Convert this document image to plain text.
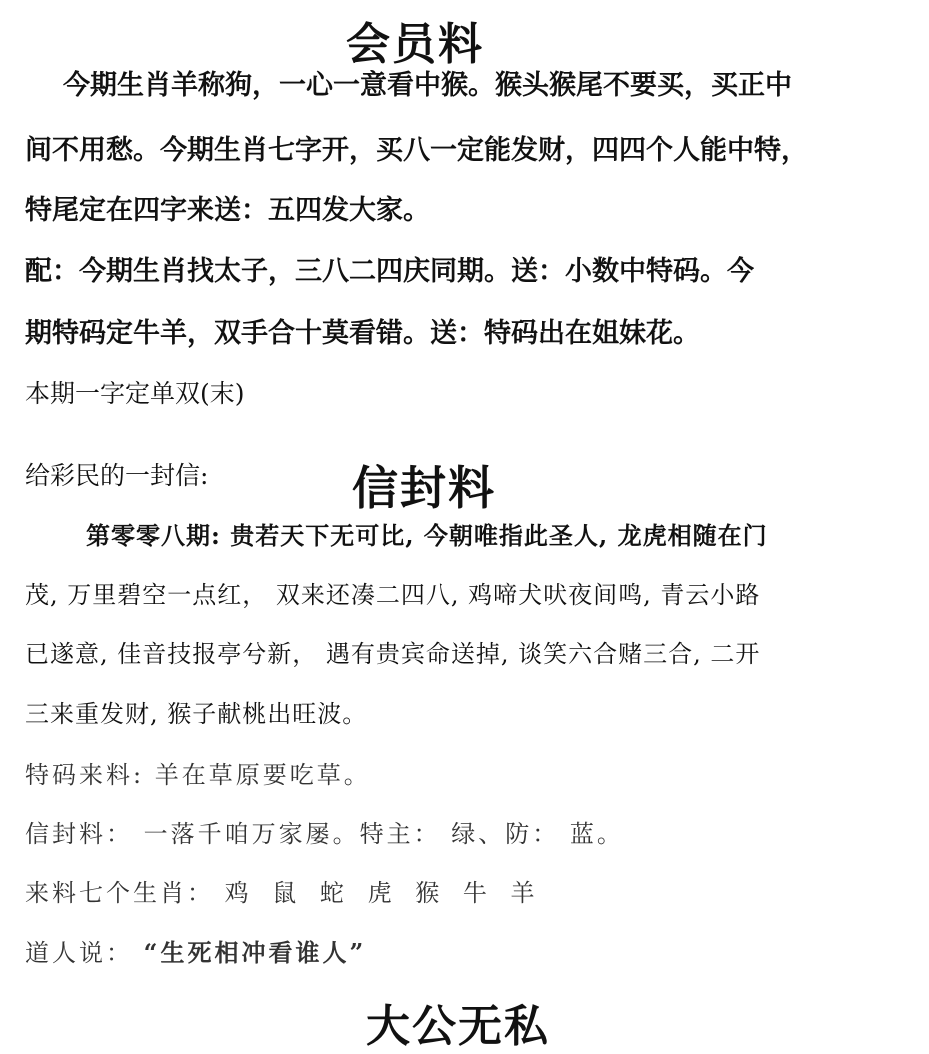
会员料
今期生肖羊称狗，一心一意看中猴。猴头猴尾不要买，买正中
间不用愁。今期生肖七字开，买八一定能发财，四四个人能中特，
特尾定在四字来送：五四发大家。
配：今期生肖找太子，三八二四庆同期。送：小数中特码。今
期特码定牛羊，双手合十莫看错。送：特码出在姐妹花。
本期一字定单双(末)
给彩民的一封信:	信封料
第零零八期: 贵若天下无可比, 今朝唯指此圣人, 龙虎相随在门
茂, 万里碧空一点红， 双来还凑二四八, 鸡啼犬吠夜间鸣, 青云小路
已遂意, 佳音技报亭兮新， 遇有贵宾命送掉, 谈笑六合赌三合, 二开
三来重发财, 猴子献桃出旺波。
特码来料: 羊在草原要吃草。
信封料： 一落千咱万家屡。特主： 绿、防： 蓝。
来料七个生肖： 鸡 鼠 蛇 虎 猴 牛 羊
道人说： “生死相冲看谁人”
大公无私
